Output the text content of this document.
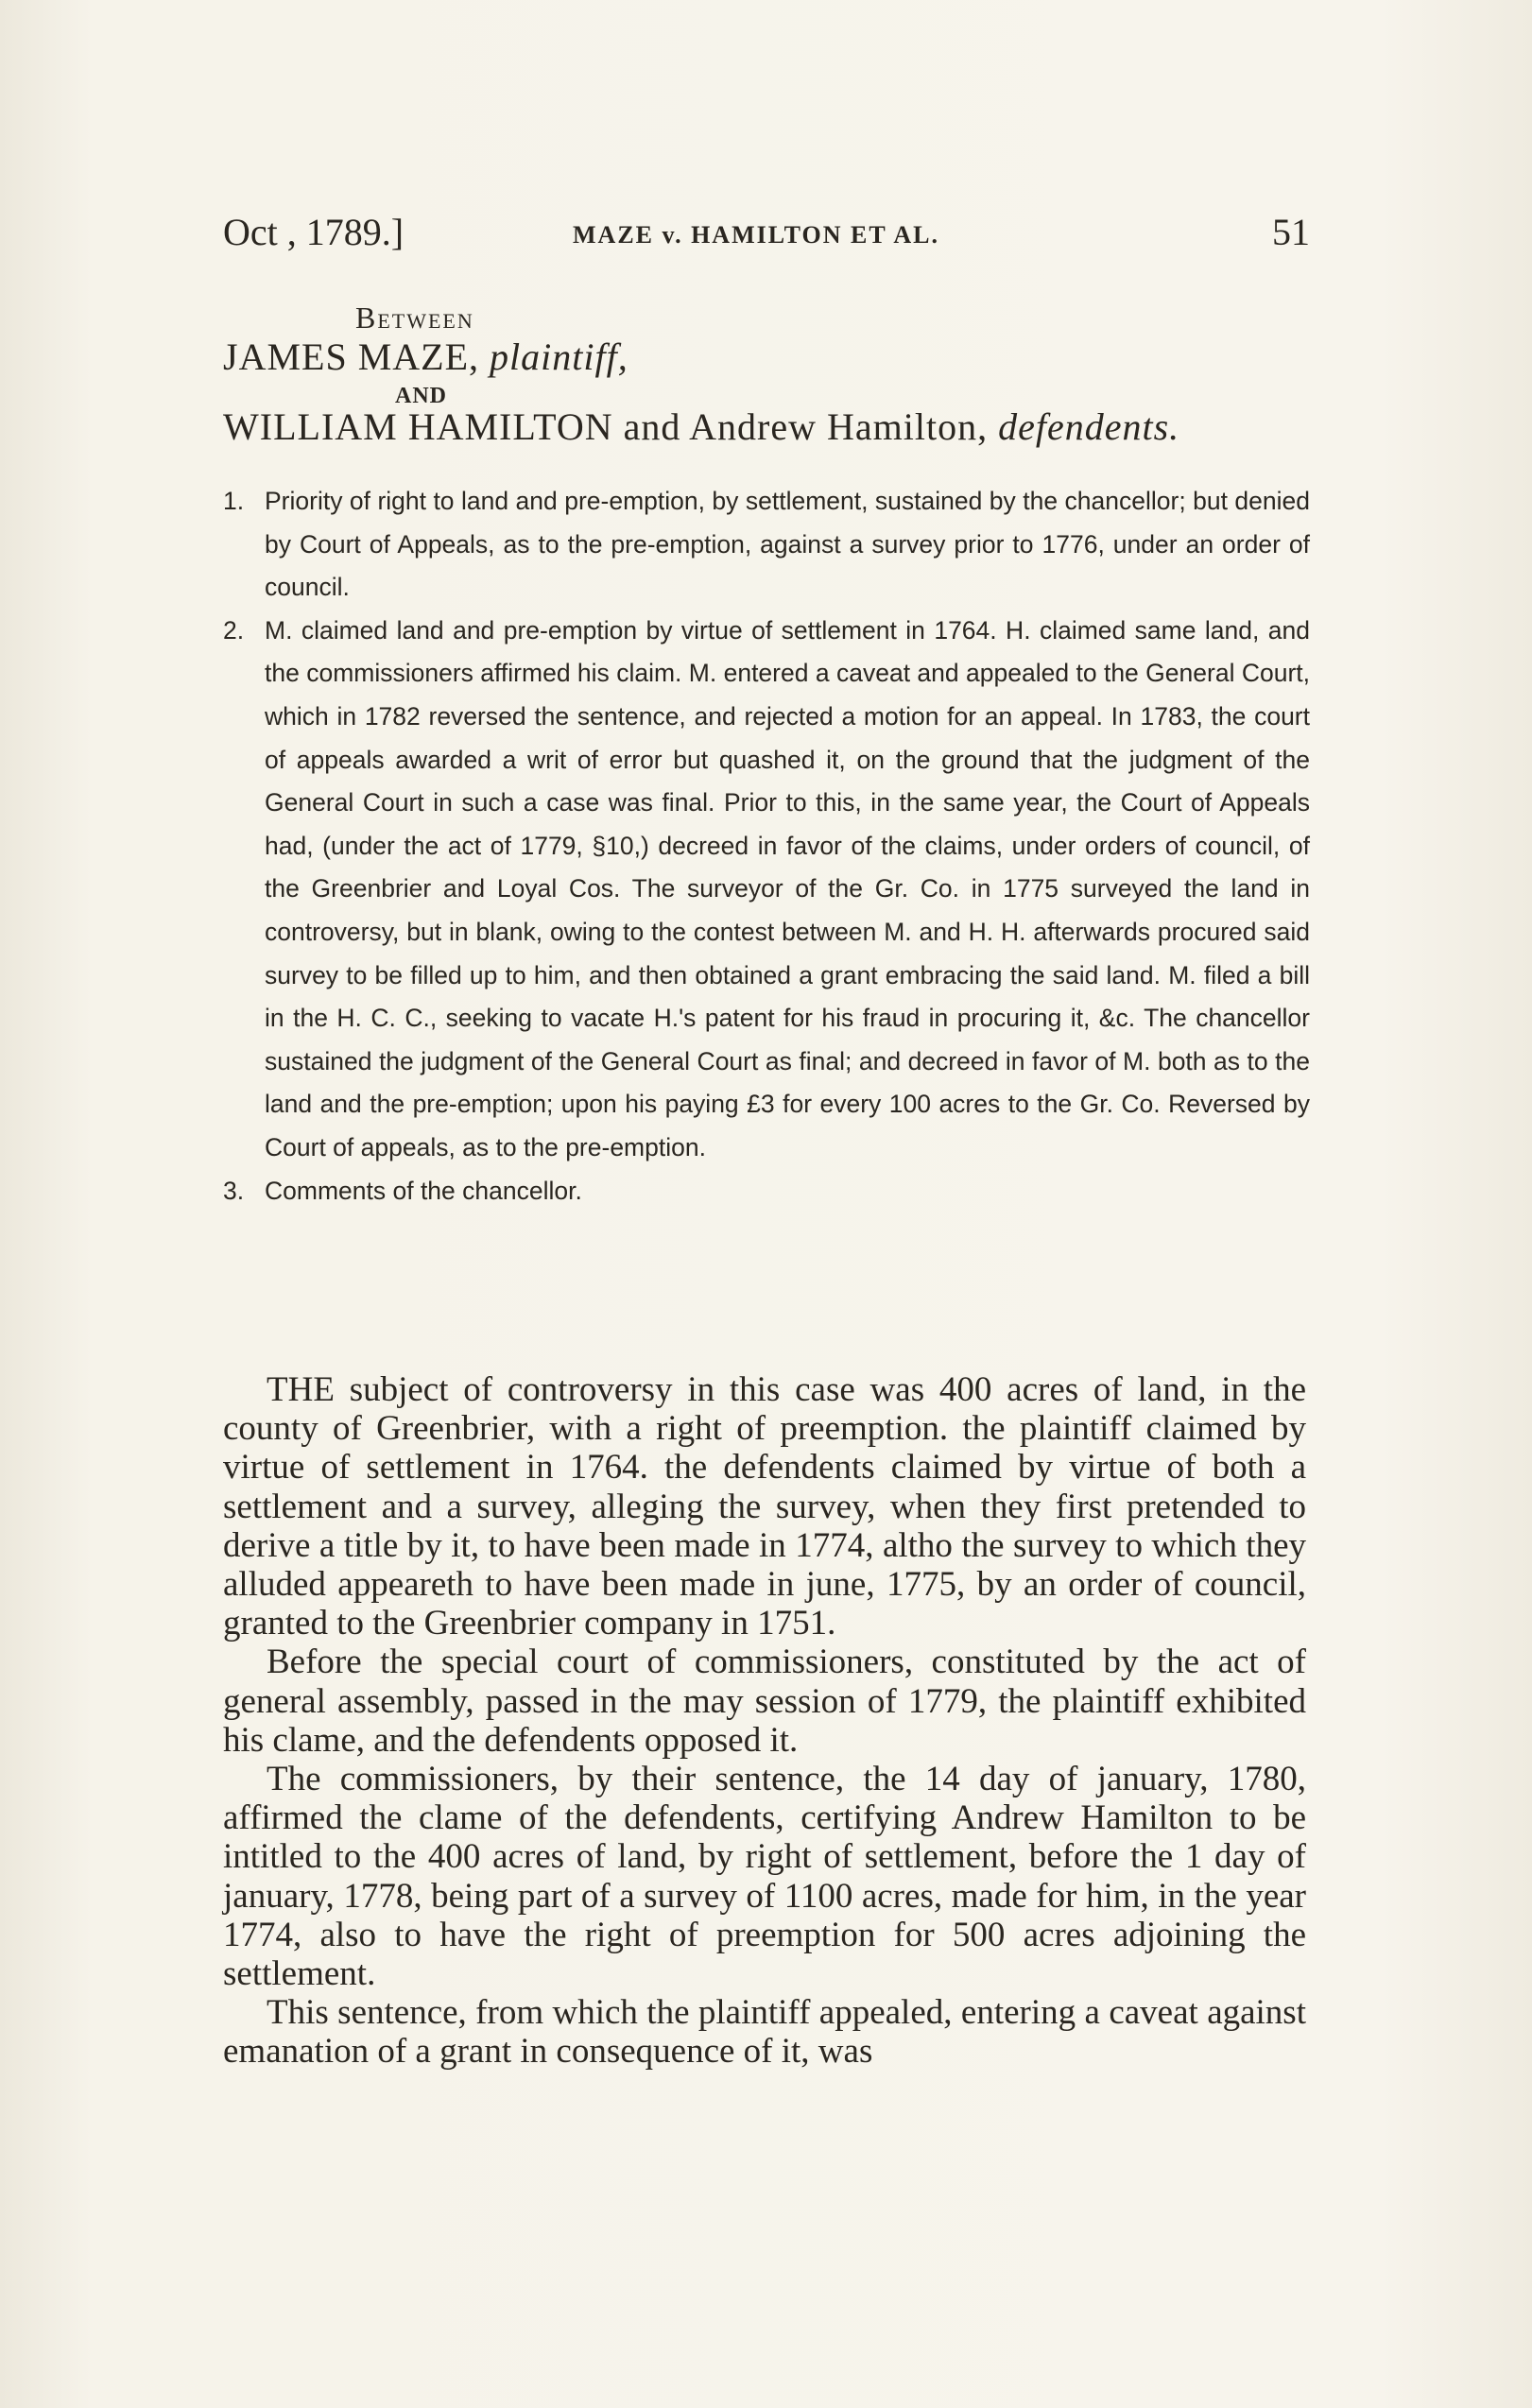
Oct , 1789.]	MAZE v. HAMILTON ET AL.	51
Between
JAMES MAZE, plaintiff,
AND
WILLIAM HAMILTON and Andrew Hamilton, defendents.
1. Priority of right to land and pre-emption, by settlement, sustained by the chancellor; but denied by Court of Appeals, as to the pre-emption, against a survey prior to 1776, under an order of council.
2. M. claimed land and pre-emption by virtue of settlement in 1764. H. claimed same land, and the commissioners affirmed his claim. M. entered a caveat and appealed to the General Court, which in 1782 reversed the sentence, and rejected a motion for an appeal. In 1783, the court of appeals awarded a writ of error but quashed it, on the ground that the judgment of the General Court in such a case was final. Prior to this, in the same year, the Court of Appeals had, (under the act of 1779, §10,) decreed in favor of the claims, under orders of council, of the Greenbrier and Loyal Cos. The surveyor of the Gr. Co. in 1775 surveyed the land in controversy, but in blank, owing to the contest between M. and H. H. afterwards procured said survey to be filled up to him, and then obtained a grant embracing the said land. M. filed a bill in the H. C. C., seeking to vacate H.'s patent for his fraud in procuring it, &c. The chancellor sustained the judgment of the General Court as final; and decreed in favor of M. both as to the land and the pre-emption; upon his paying £3 for every 100 acres to the Gr. Co. Reversed by Court of appeals, as to the pre-emption.
3. Comments of the chancellor.

THE subject of controversy in this case was 400 acres of land, in the county of Greenbrier, with a right of preemption. the plaintiff claimed by virtue of settlement in 1764. the defendents claimed by virtue of both a settlement and a survey, alleging the survey, when they first pretended to derive a title by it, to have been made in 1774, altho the survey to which they alluded appeareth to have been made in june, 1775, by an order of council, granted to the Greenbrier company in 1751.

Before the special court of commissioners, constituted by the act of general assembly, passed in the may session of 1779, the plaintiff exhibited his clame, and the defendents opposed it.

The commissioners, by their sentence, the 14 day of january, 1780, affirmed the clame of the defendents, certifying Andrew Hamilton to be intitled to the 400 acres of land, by right of settlement, before the 1 day of january, 1778, being part of a survey of 1100 acres, made for him, in the year 1774, also to have the right of preemption for 500 acres adjoining the settlement.

This sentence, from which the plaintiff appealed, entering a caveat against emanation of a grant in consequence of it, was
